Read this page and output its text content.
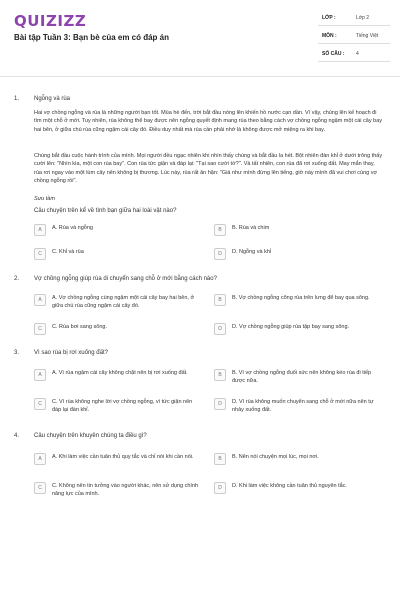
QUIZIZZ
Bài tập Tuần 3: Bạn bè của em có đáp án
LỚP :	Lớp 2
MÔN :	Tiếng Việt
SỐ CÂU : 4
1. Ngỗng và rùa
Hai vợ chồng ngỗng và rùa là những người bạn tốt. Mùa hè đến, trời bắt đầu nóng lên khiến hồ nước cạn dần. Vì vậy, chúng lên kế hoạch đi tìm một chỗ ở mới. Tuy nhiên, rùa không thể bay được nên ngỗng quyết định mang rùa theo bằng cách vợ chồng ngỗng ngậm một cái cây bay hai bên, ở giữa chú rùa cũng ngậm cái cây đó. Điều duy nhất mà rùa cần phải nhớ là không được mở miệng ra khi bay.
Chúng bắt đầu cuộc hành trình của mình. Mọi người đều ngạc nhiên khi nhìn thấy chúng và bắt đầu la hét. Bột nhiên đàn khỉ ở dưới trông thấy cười lên: "Nhìn kìa, một con rùa bay". Con rùa tức giận và đáp lại: "Tại sao cười tớ?". Và tất nhiên, con rùa đã rơi xuống đất. May mắn thay, rùa rơi ngay vào một lùm cây nên không bị thương. Lúc này, rùa rất ân hận: "Giá như mình đừng lên tiếng, giờ này mình đã vui chơi cùng vợ chồng ngỗng rồi".
Sưu tầm
Câu chuyện trên kể về tình bạn giữa hai loài vật nào?
A	A. Rùa và ngỗng	B	B. Rùa và chim
C	C. Khỉ và rùa	D	D. Ngỗng và khỉ
2. Vợ chồng ngỗng giúp rùa di chuyển sang chỗ ở mới bằng cách nào?
A	A. Vợ chồng ngỗng cùng ngậm một cái cây bay hai bên, ở giữa chú rùa cũng ngậm cái cây đó.
B	B. Vợ chồng ngỗng cõng rùa trên lưng để bay qua sông.
C	C. Rùa bơi sang sông.	D	D. Vợ chồng ngỗng giúp rùa tập bay sang sông.
3. Vì sao rùa bị rơi xuống đất?
A	A. Vì rùa ngậm cái cây không chặt nên bị rơi xuống đất.	B	B. Vì vợ chồng ngỗng đuối sức nên không kéo rùa đi tiếp được nữa.
C	C. Vì rùa không nghe lời vợ chồng ngỗng, vì tức giận nên đáp lại đàn khỉ.
D	D. Vì rùa không muốn chuyển sang chỗ ở mới nữa nên tự nhảy xuống đất.
4. Câu chuyện trên khuyên chúng ta điều gì?
A	A. Khi làm việc cần tuân thủ quy tắc và chỉ nói khi cần nói.	B	B. Nên nói chuyện mọi lúc, mọi nơi.
C	C. Không nên tin tưởng vào người khác, nên sử dụng chính năng lực của mình.
D	D. Khi làm việc không cần tuân thủ nguyên tắc.
